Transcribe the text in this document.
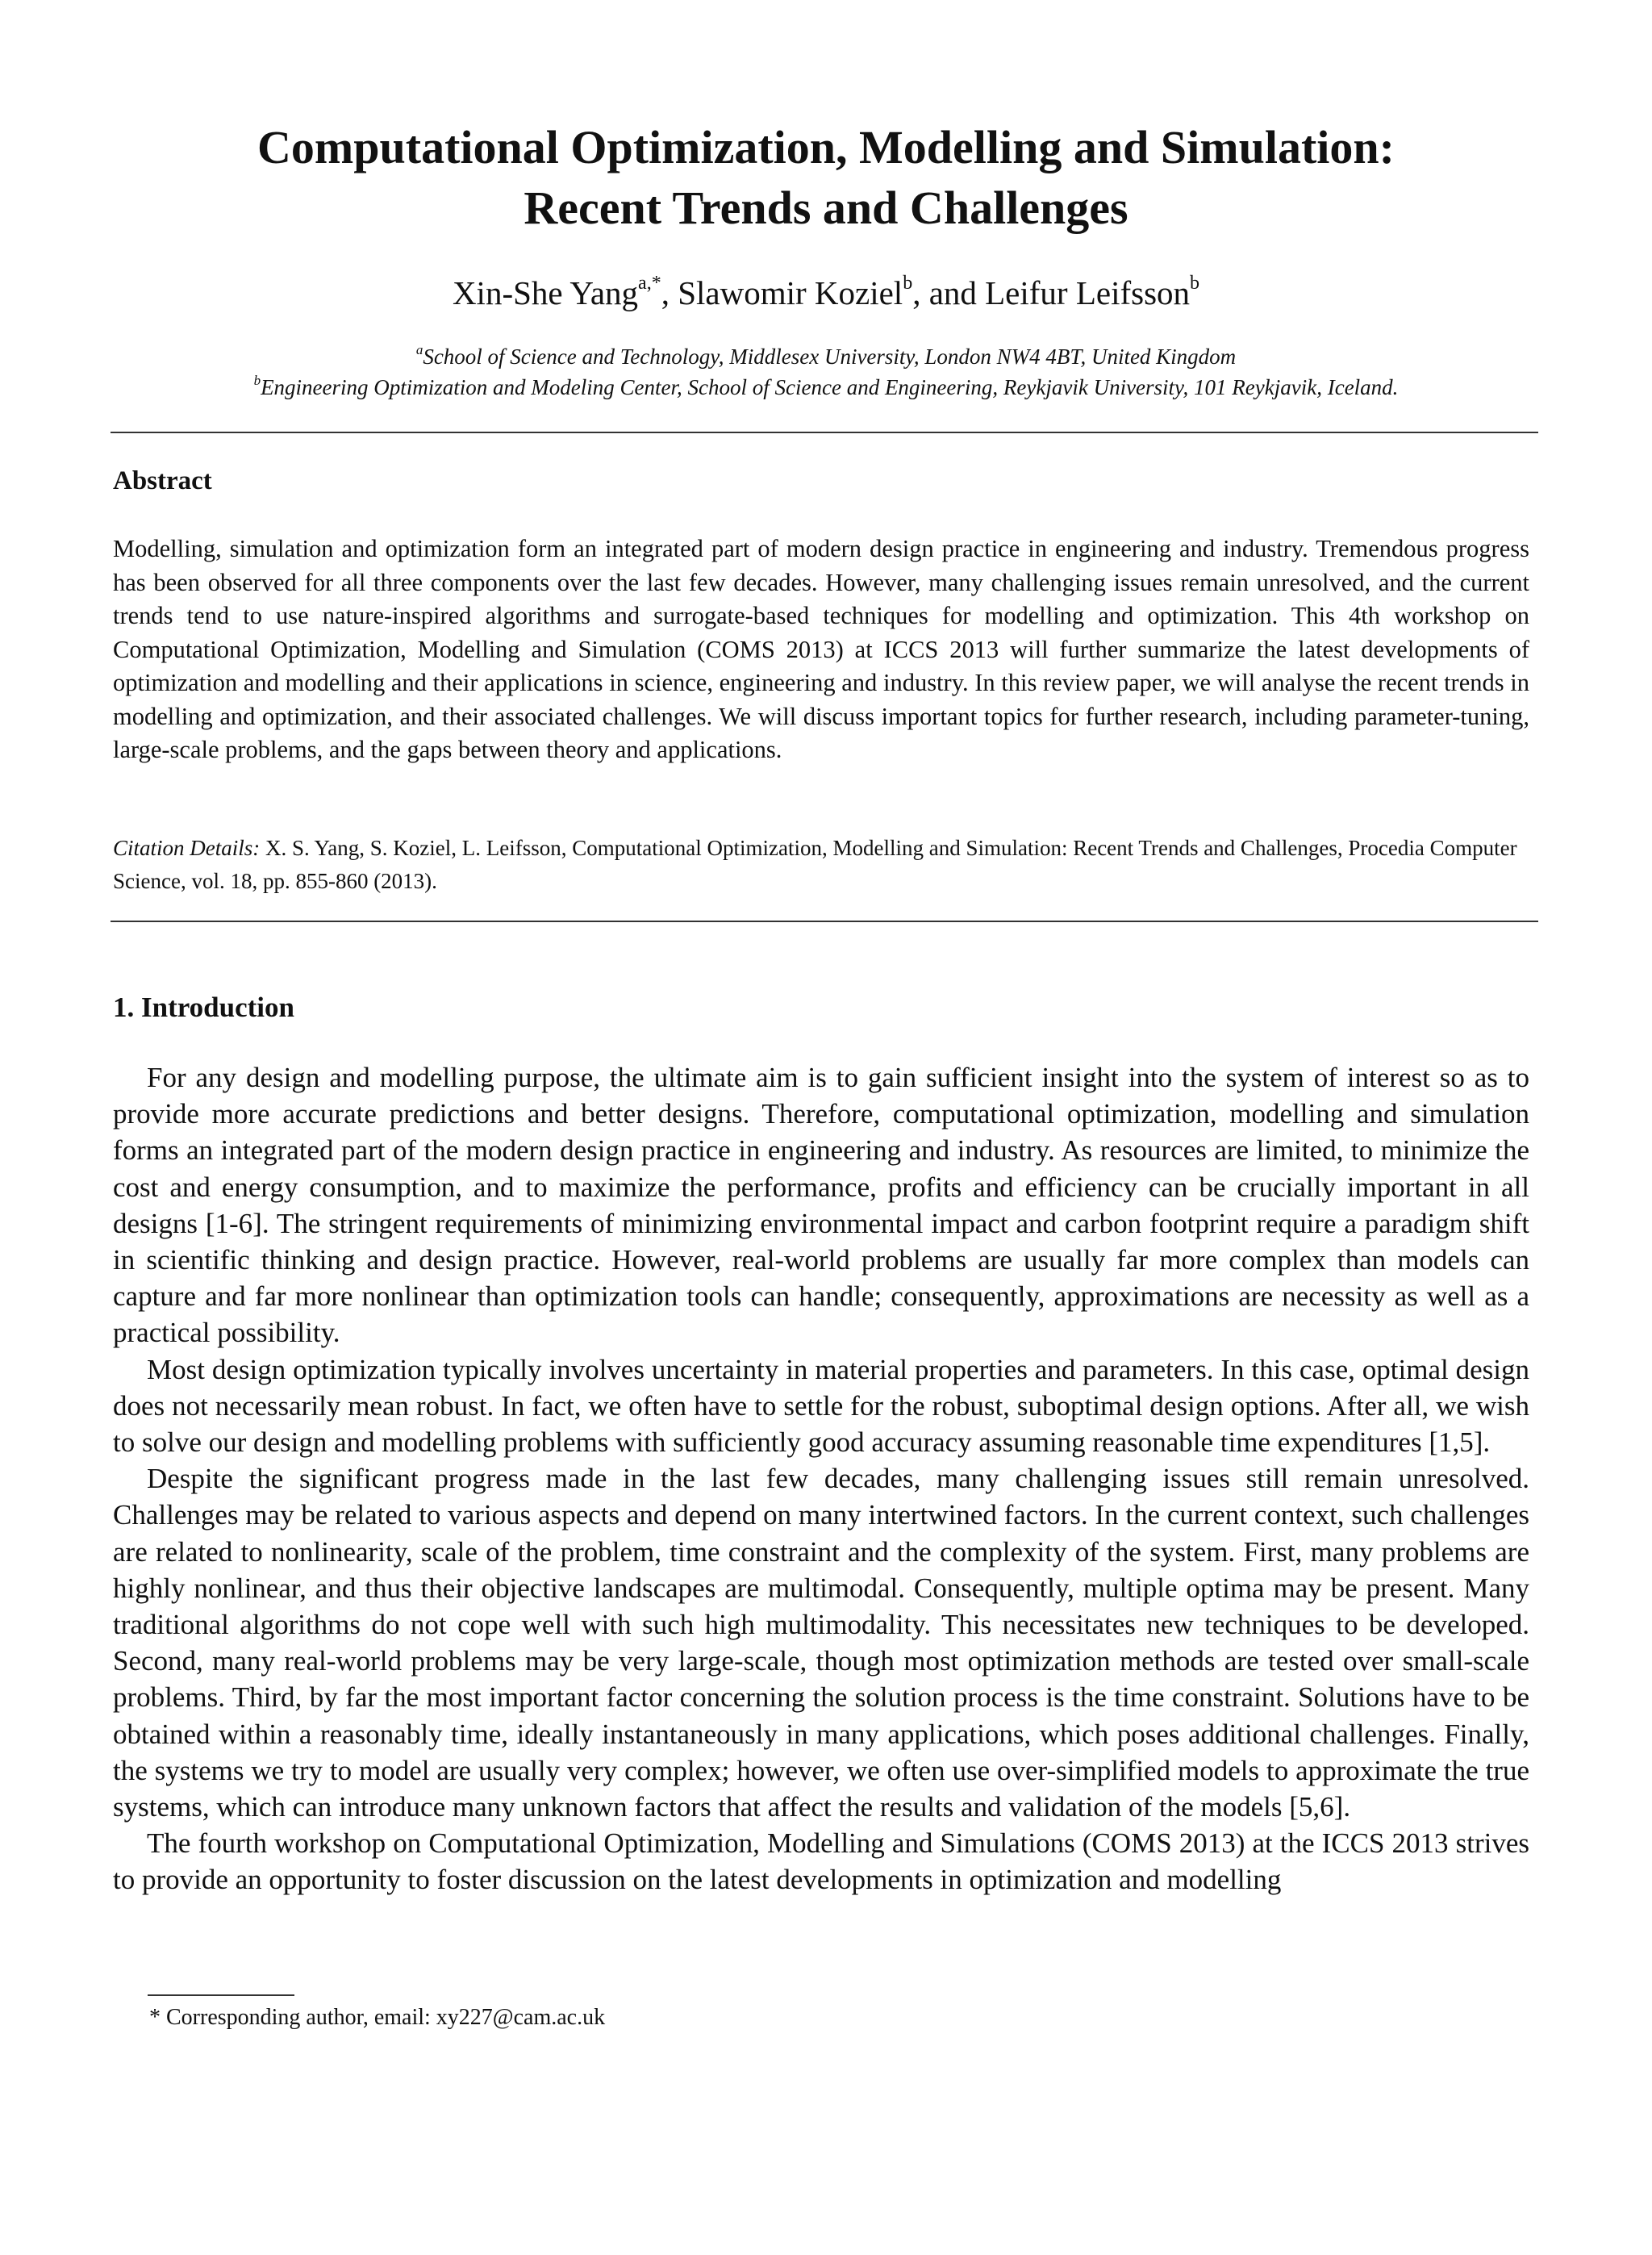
Computational Optimization, Modelling and Simulation:
Recent Trends and Challenges
Xin-She Yang$^{a,*}$, Slawomir Koziel$^b$, and Leifur Leifsson$^b$
$^a$School of Science and Technology, Middlesex University, London NW4 4BT, United Kingdom
$^b$Engineering Optimization and Modeling Center, School of Science and Engineering, Reykjavik University, 101 Reykjavik, Iceland.
Abstract

Modelling, simulation and optimization form an integrated part of modern design practice in engineering and industry. Tremendous progress has been observed for all three components over the last few decades. However, many challenging issues remain unresolved, and the current trends tend to use nature-inspired algorithms and surrogate-based techniques for modelling and optimization. This 4th workshop on Computational Optimization, Modelling and Simulation (COMS 2013) at ICCS 2013 will further summarize the latest developments of optimization and modelling and their applications in science, engineering and industry. In this review paper, we will analyse the recent trends in modelling and optimization, and their associated challenges. We will discuss important topics for further research, including parameter-tuning, large-scale problems, and the gaps between theory and applications.

Citation Details: X. S. Yang, S. Koziel, L. Leifsson, Computational Optimization, Modelling and Simulation: Recent Trends and Challenges, Procedia Computer Science, vol. 18, pp. 855-860 (2013).

1. Introduction

For any design and modelling purpose, the ultimate aim is to gain sufficient insight into the system of interest so as to provide more accurate predictions and better designs. Therefore, computational optimization, modelling and simulation forms an integrated part of the modern design practice in engineering and industry. As resources are limited, to minimize the cost and energy consumption, and to maximize the performance, profits and efficiency can be crucially important in all designs [1-6]. The stringent requirements of minimizing environmental impact and carbon footprint require a paradigm shift in scientific thinking and design practice. However, real-world problems are usually far more complex than models can capture and far more nonlinear than optimization tools can handle; consequently, approximations are necessity as well as a practical possibility.

Most design optimization typically involves uncertainty in material properties and parameters. In this case, optimal design does not necessarily mean robust. In fact, we often have to settle for the robust, suboptimal design options. After all, we wish to solve our design and modelling problems with sufficiently good accuracy assuming reasonable time expenditures [1,5].

Despite the significant progress made in the last few decades, many challenging issues still remain unresolved. Challenges may be related to various aspects and depend on many intertwined factors. In the current context, such challenges are related to nonlinearity, scale of the problem, time constraint and the complexity of the system. First, many problems are highly nonlinear, and thus their objective landscapes are multimodal. Consequently, multiple optima may be present. Many traditional algorithms do not cope well with such high multimodality. This necessitates new techniques to be developed. Second, many real-world problems may be very large-scale, though most optimization methods are tested over small-scale problems. Third, by far the most important factor concerning the solution process is the time constraint. Solutions have to be obtained within a reasonably time, ideally instantaneously in many applications, which poses additional challenges. Finally, the systems we try to model are usually very complex; however, we often use over-simplified models to approximate the true systems, which can introduce many unknown factors that affect the results and validation of the models [5,6].

The fourth workshop on Computational Optimization, Modelling and Simulations (COMS 2013) at the ICCS 2013 strives to provide an opportunity to foster discussion on the latest developments in optimization and modelling

* Corresponding author, email: xy227@cam.ac.uk
